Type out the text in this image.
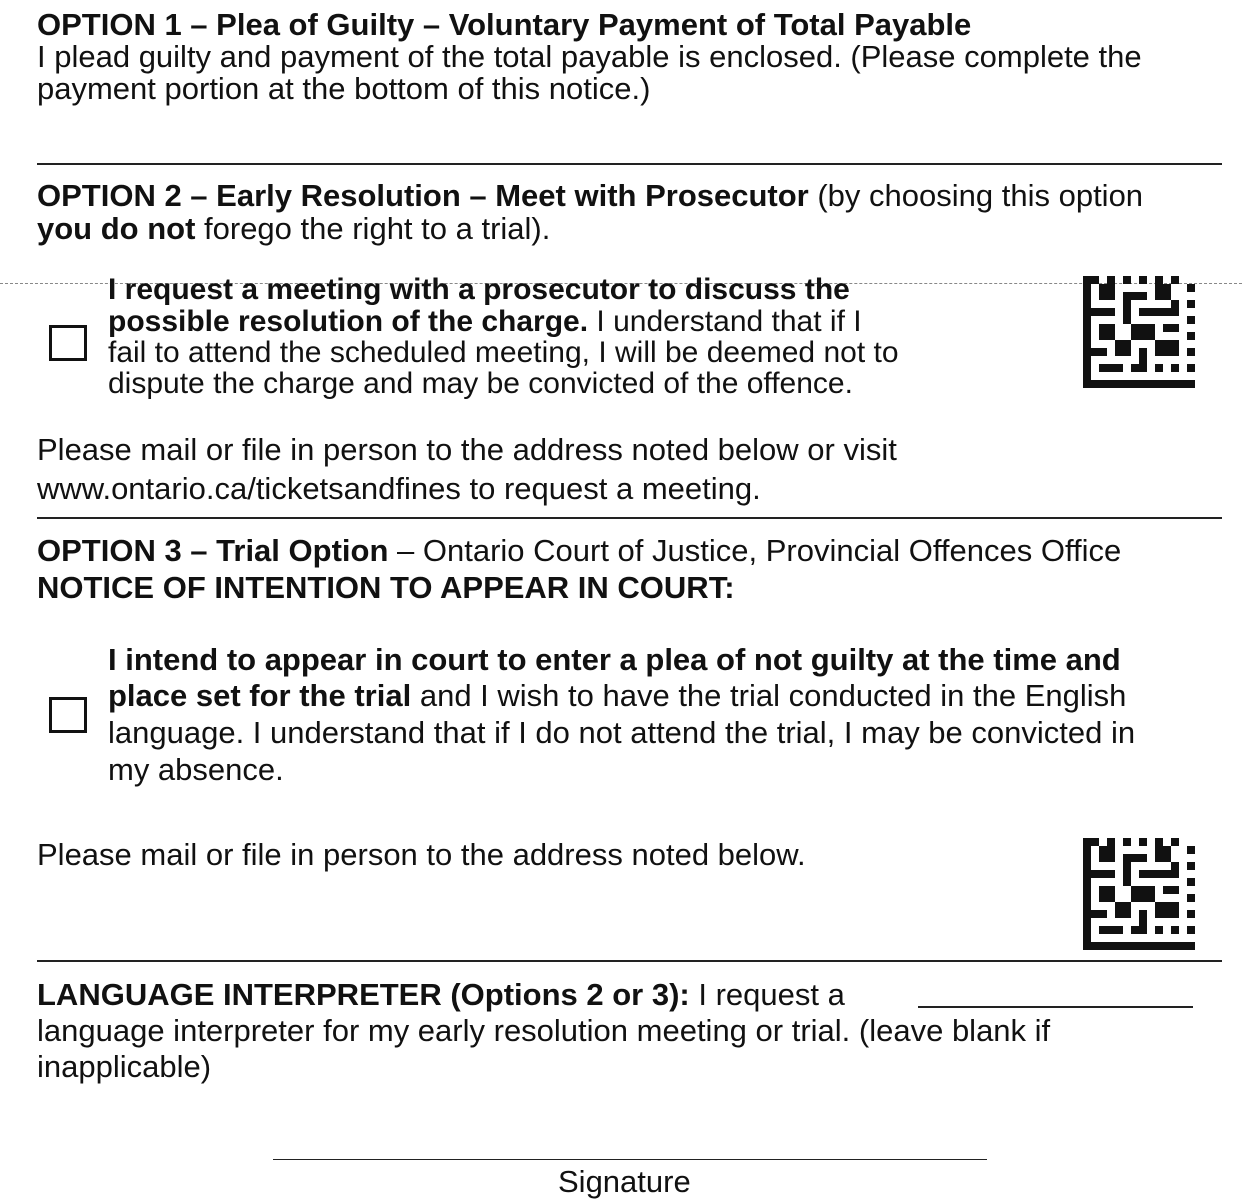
OPTION 1 – Plea of Guilty – Voluntary Payment of Total Payable
I plead guilty and payment of the total payable is enclosed. (Please complete the
payment portion at the bottom of this notice.)
OPTION 2 – Early Resolution – Meet with Prosecutor (by choosing this option
you do not forego the right to a trial).
I request a meeting with a prosecutor to discuss the
possible resolution of the charge. I understand that if I
fail to attend the scheduled meeting, I will be deemed not to
dispute the charge and may be convicted of the offence.
Please mail or file in person to the address noted below or visit
www.ontario.ca/ticketsandfines to request a meeting.
OPTION 3 – Trial Option – Ontario Court of Justice, Provincial Offences Office
NOTICE OF INTENTION TO APPEAR IN COURT:
I intend to appear in court to enter a plea of not guilty at the time and
place set for the trial and I wish to have the trial conducted in the English
language. I understand that if I do not attend the trial, I may be convicted in
my absence.
Please mail or file in person to the address noted below.
LANGUAGE INTERPRETER (Options 2 or 3): I request a
language interpreter for my early resolution meeting or trial. (leave blank if
inapplicable)
Signature
